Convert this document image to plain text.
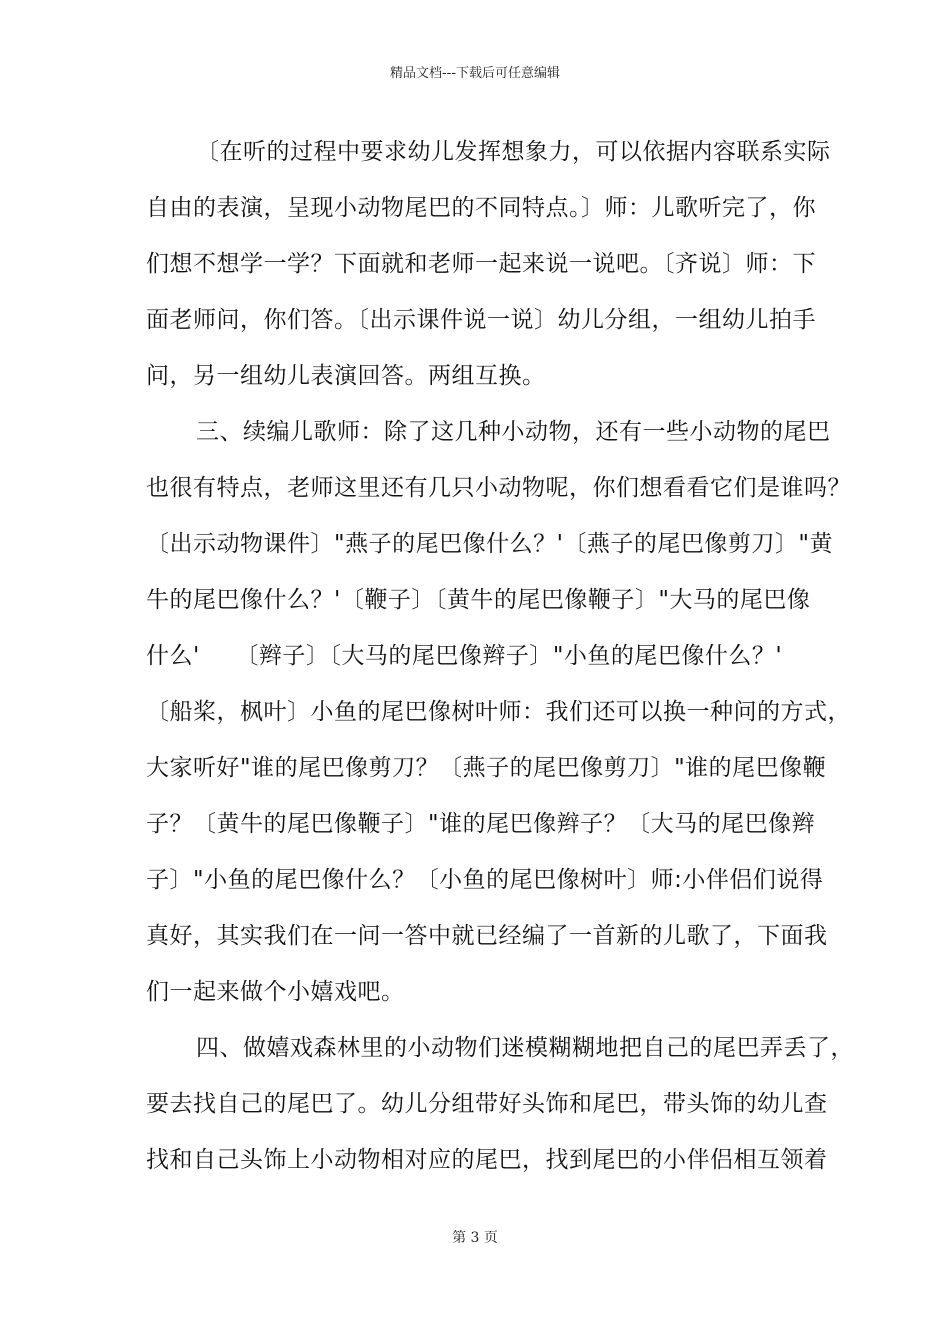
精品文档---下载后可任意编辑
〔在听的过程中要求幼儿发挥想象力，可以依据内容联系实际
自由的表演，呈现小动物尾巴的不同特点。〕师：儿歌听完了，你
们想不想学一学？下面就和老师一起来说一说吧。〔齐说〕师：下
面老师问，你们答。〔出示课件说一说〕幼儿分组，一组幼儿拍手
问，另一组幼儿表演回答。两组互换。
三、续编儿歌师：除了这几种小动物，还有一些小动物的尾巴
也很有特点，老师这里还有几只小动物呢，你们想看看它们是谁吗？
〔出示动物课件〕"燕子的尾巴像什么？'〔燕子的尾巴像剪刀〕"黄
牛的尾巴像什么？'〔鞭子〕〔黄牛的尾巴像鞭子〕"大马的尾巴像
什么'　　〔辫子〕〔大马的尾巴像辫子〕"小鱼的尾巴像什么？'
〔船桨，枫叶〕小鱼的尾巴像树叶师：我们还可以换一种问的方式，
大家听好"谁的尾巴像剪刀？〔燕子的尾巴像剪刀〕"谁的尾巴像鞭
子？〔黄牛的尾巴像鞭子〕"谁的尾巴像辫子？〔大马的尾巴像辫
子〕"小鱼的尾巴像什么？〔小鱼的尾巴像树叶〕师:小伴侣们说得
真好，其实我们在一问一答中就已经编了一首新的儿歌了，下面我
们一起来做个小嬉戏吧。
四、做嬉戏森林里的小动物们迷模糊糊地把自己的尾巴弄丢了，
要去找自己的尾巴了。幼儿分组带好头饰和尾巴，带头饰的幼儿查
找和自己头饰上小动物相对应的尾巴，找到尾巴的小伴侣相互领着
第 3 页
